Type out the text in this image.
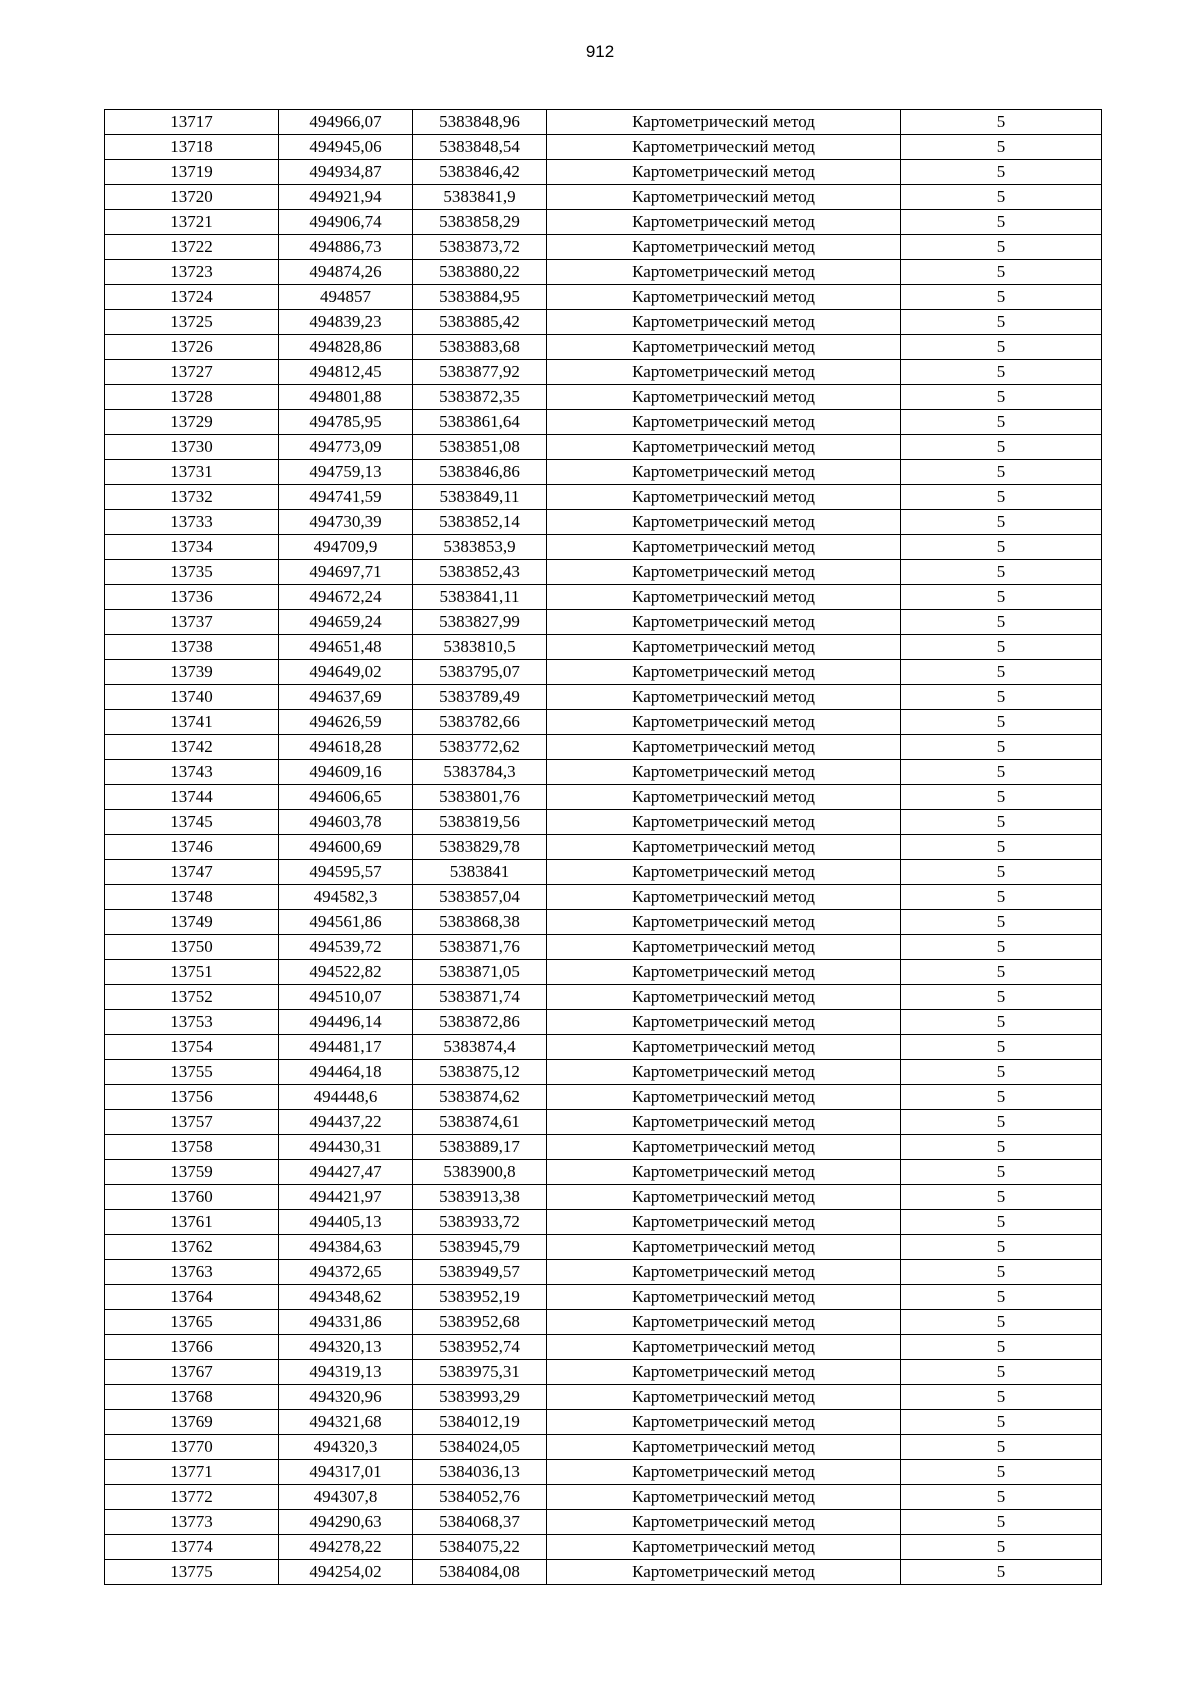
912
13717	494966,07	5383848,96	Картометрический метод	5
13718	494945,06	5383848,54	Картометрический метод	5
13719	494934,87	5383846,42	Картометрический метод	5
13720	494921,94	5383841,9	Картометрический метод	5
13721	494906,74	5383858,29	Картометрический метод	5
13722	494886,73	5383873,72	Картометрический метод	5
13723	494874,26	5383880,22	Картометрический метод	5
13724	494857	5383884,95	Картометрический метод	5
13725	494839,23	5383885,42	Картометрический метод	5
13726	494828,86	5383883,68	Картометрический метод	5
13727	494812,45	5383877,92	Картометрический метод	5
13728	494801,88	5383872,35	Картометрический метод	5
13729	494785,95	5383861,64	Картометрический метод	5
13730	494773,09	5383851,08	Картометрический метод	5
13731	494759,13	5383846,86	Картометрический метод	5
13732	494741,59	5383849,11	Картометрический метод	5
13733	494730,39	5383852,14	Картометрический метод	5
13734	494709,9	5383853,9	Картометрический метод	5
13735	494697,71	5383852,43	Картометрический метод	5
13736	494672,24	5383841,11	Картометрический метод	5
13737	494659,24	5383827,99	Картометрический метод	5
13738	494651,48	5383810,5	Картометрический метод	5
13739	494649,02	5383795,07	Картометрический метод	5
13740	494637,69	5383789,49	Картометрический метод	5
13741	494626,59	5383782,66	Картометрический метод	5
13742	494618,28	5383772,62	Картометрический метод	5
13743	494609,16	5383784,3	Картометрический метод	5
13744	494606,65	5383801,76	Картометрический метод	5
13745	494603,78	5383819,56	Картометрический метод	5
13746	494600,69	5383829,78	Картометрический метод	5
13747	494595,57	5383841	Картометрический метод	5
13748	494582,3	5383857,04	Картометрический метод	5
13749	494561,86	5383868,38	Картометрический метод	5
13750	494539,72	5383871,76	Картометрический метод	5
13751	494522,82	5383871,05	Картометрический метод	5
13752	494510,07	5383871,74	Картометрический метод	5
13753	494496,14	5383872,86	Картометрический метод	5
13754	494481,17	5383874,4	Картометрический метод	5
13755	494464,18	5383875,12	Картометрический метод	5
13756	494448,6	5383874,62	Картометрический метод	5
13757	494437,22	5383874,61	Картометрический метод	5
13758	494430,31	5383889,17	Картометрический метод	5
13759	494427,47	5383900,8	Картометрический метод	5
13760	494421,97	5383913,38	Картометрический метод	5
13761	494405,13	5383933,72	Картометрический метод	5
13762	494384,63	5383945,79	Картометрический метод	5
13763	494372,65	5383949,57	Картометрический метод	5
13764	494348,62	5383952,19	Картометрический метод	5
13765	494331,86	5383952,68	Картометрический метод	5
13766	494320,13	5383952,74	Картометрический метод	5
13767	494319,13	5383975,31	Картометрический метод	5
13768	494320,96	5383993,29	Картометрический метод	5
13769	494321,68	5384012,19	Картометрический метод	5
13770	494320,3	5384024,05	Картометрический метод	5
13771	494317,01	5384036,13	Картометрический метод	5
13772	494307,8	5384052,76	Картометрический метод	5
13773	494290,63	5384068,37	Картометрический метод	5
13774	494278,22	5384075,22	Картометрический метод	5
13775	494254,02	5384084,08	Картометрический метод	5
